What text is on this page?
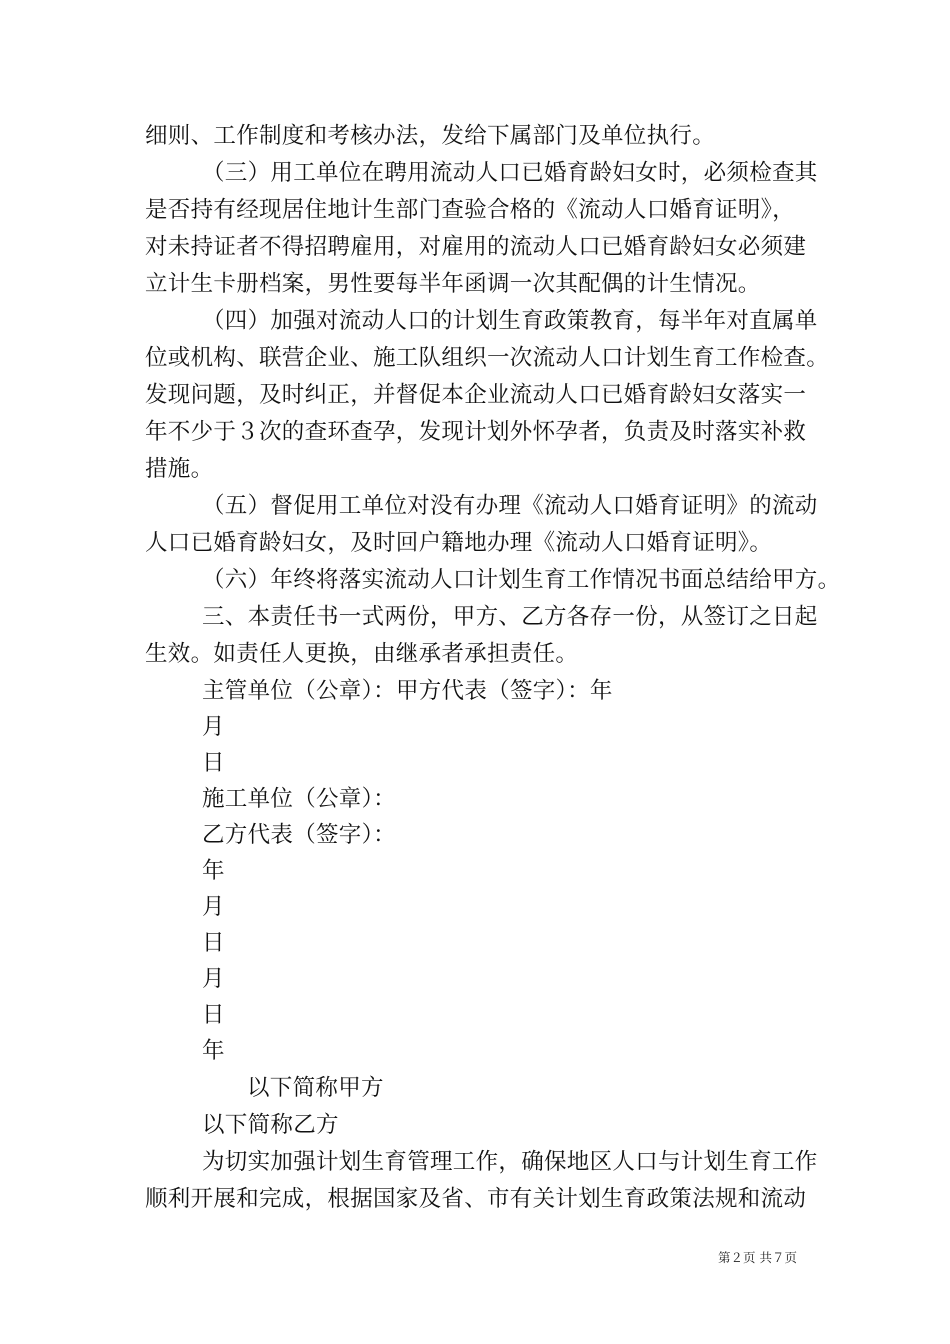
细则、工作制度和考核办法，发给下属部门及单位执行。
（三）用工单位在聘用流动人口已婚育龄妇女时，必须检查其
是否持有经现居住地计生部门查验合格的《流动人口婚育证明》，
对未持证者不得招聘雇用，对雇用的流动人口已婚育龄妇女必须建
立计生卡册档案，男性要每半年函调一次其配偶的计生情况。
（四）加强对流动人口的计划生育政策教育，每半年对直属单
位或机构、联营企业、施工队组织一次流动人口计划生育工作检查。
发现问题，及时纠正，并督促本企业流动人口已婚育龄妇女落实一
年不少于３次的查环查孕，发现计划外怀孕者，负责及时落实补救
措施。
（五）督促用工单位对没有办理《流动人口婚育证明》的流动
人口已婚育龄妇女，及时回户籍地办理《流动人口婚育证明》。
（六）年终将落实流动人口计划生育工作情况书面总结给甲方。
三、本责任书一式两份，甲方、乙方各存一份，从签订之日起
生效。如责任人更换，由继承者承担责任。
主管单位（公章）：甲方代表（签字）：年
月
日
施工单位（公章）：
乙方代表（签字）：
年
月
日
月
日
年
以下简称甲方
以下简称乙方
为切实加强计划生育管理工作，确保地区人口与计划生育工作
顺利开展和完成，根据国家及省、市有关计划生育政策法规和流动
第２页 共７页
